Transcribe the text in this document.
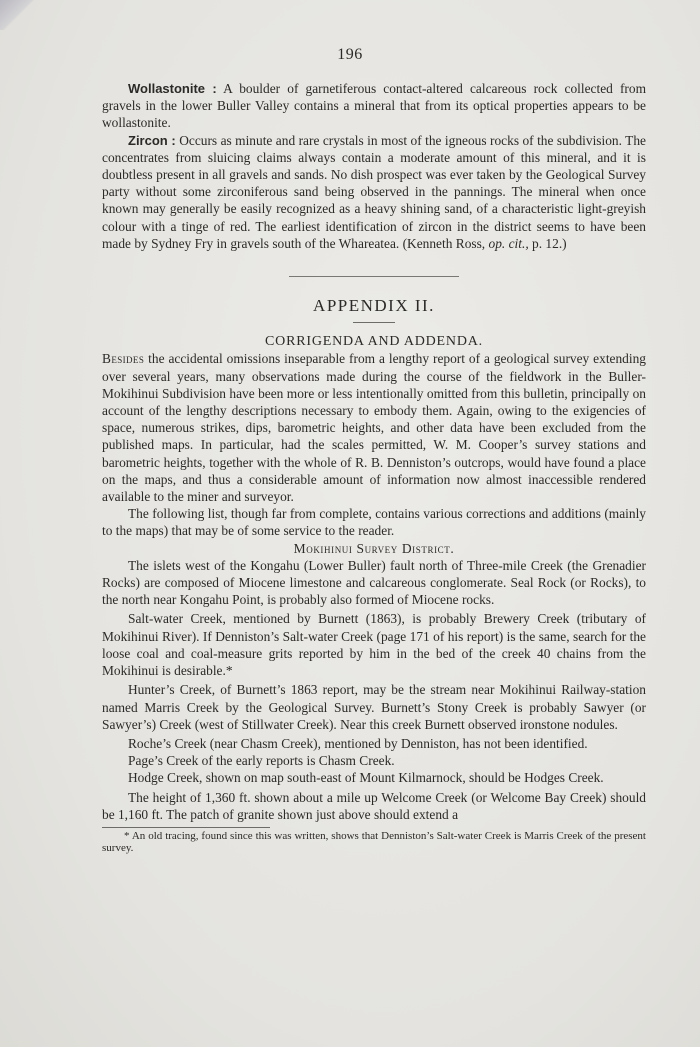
196

Wollastonite : A boulder of garnetiferous contact-altered calcareous rock collected from gravels in the lower Buller Valley contains a mineral that from its optical properties appears to be wollastonite.

Zircon : Occurs as minute and rare crystals in most of the igneous rocks of the subdivision. The concentrates from sluicing claims always contain a moderate amount of this mineral, and it is doubtless present in all gravels and sands. No dish prospect was ever taken by the Geological Survey party without some zirconiferous sand being observed in the pannings. The mineral when once known may generally be easily recognized as a heavy shining sand, of a characteristic light-greyish colour with a tinge of red. The earliest identification of zircon in the district seems to have been made by Sydney Fry in gravels south of the Whareatea. (Kenneth Ross, op. cit., p. 12.)

APPENDIX II.

CORRIGENDA AND ADDENDA.

Besides the accidental omissions inseparable from a lengthy report of a geological survey extending over several years, many observations made during the course of the fieldwork in the Buller-Mokihinui Subdivision have been more or less intentionally omitted from this bulletin, principally on account of the lengthy descriptions necessary to embody them. Again, owing to the exigencies of space, numerous strikes, dips, barometric heights, and other data have been excluded from the published maps. In particular, had the scales permitted, W. M. Cooper’s survey stations and barometric heights, together with the whole of R. B. Denniston’s outcrops, would have found a place on the maps, and thus a considerable amount of information now almost inaccessible rendered available to the miner and surveyor.

The following list, though far from complete, contains various corrections and additions (mainly to the maps) that may be of some service to the reader.

Mokihinui Survey District.

The islets west of the Kongahu (Lower Buller) fault north of Three-mile Creek (the Grenadier Rocks) are composed of Miocene limestone and calcareous conglomerate. Seal Rock (or Rocks), to the north near Kongahu Point, is probably also formed of Miocene rocks.

Salt-water Creek, mentioned by Burnett (1863), is probably Brewery Creek (tributary of Mokihinui River). If Denniston’s Salt-water Creek (page 171 of his report) is the same, search for the loose coal and coal-measure grits reported by him in the bed of the creek 40 chains from the Mokihinui is desirable.*

Hunter’s Creek, of Burnett’s 1863 report, may be the stream near Mokihinui Railway-station named Marris Creek by the Geological Survey. Burnett’s Stony Creek is probably Sawyer (or Sawyer’s) Creek (west of Stillwater Creek). Near this creek Burnett observed ironstone nodules.

Roche’s Creek (near Chasm Creek), mentioned by Denniston, has not been identified.

Page’s Creek of the early reports is Chasm Creek.

Hodge Creek, shown on map south-east of Mount Kilmarnock, should be Hodges Creek.

The height of 1,360 ft. shown about a mile up Welcome Creek (or Welcome Bay Creek) should be 1,160 ft. The patch of granite shown just above should extend a

* An old tracing, found since this was written, shows that Denniston’s Salt-water Creek is Marris Creek of the present survey.
